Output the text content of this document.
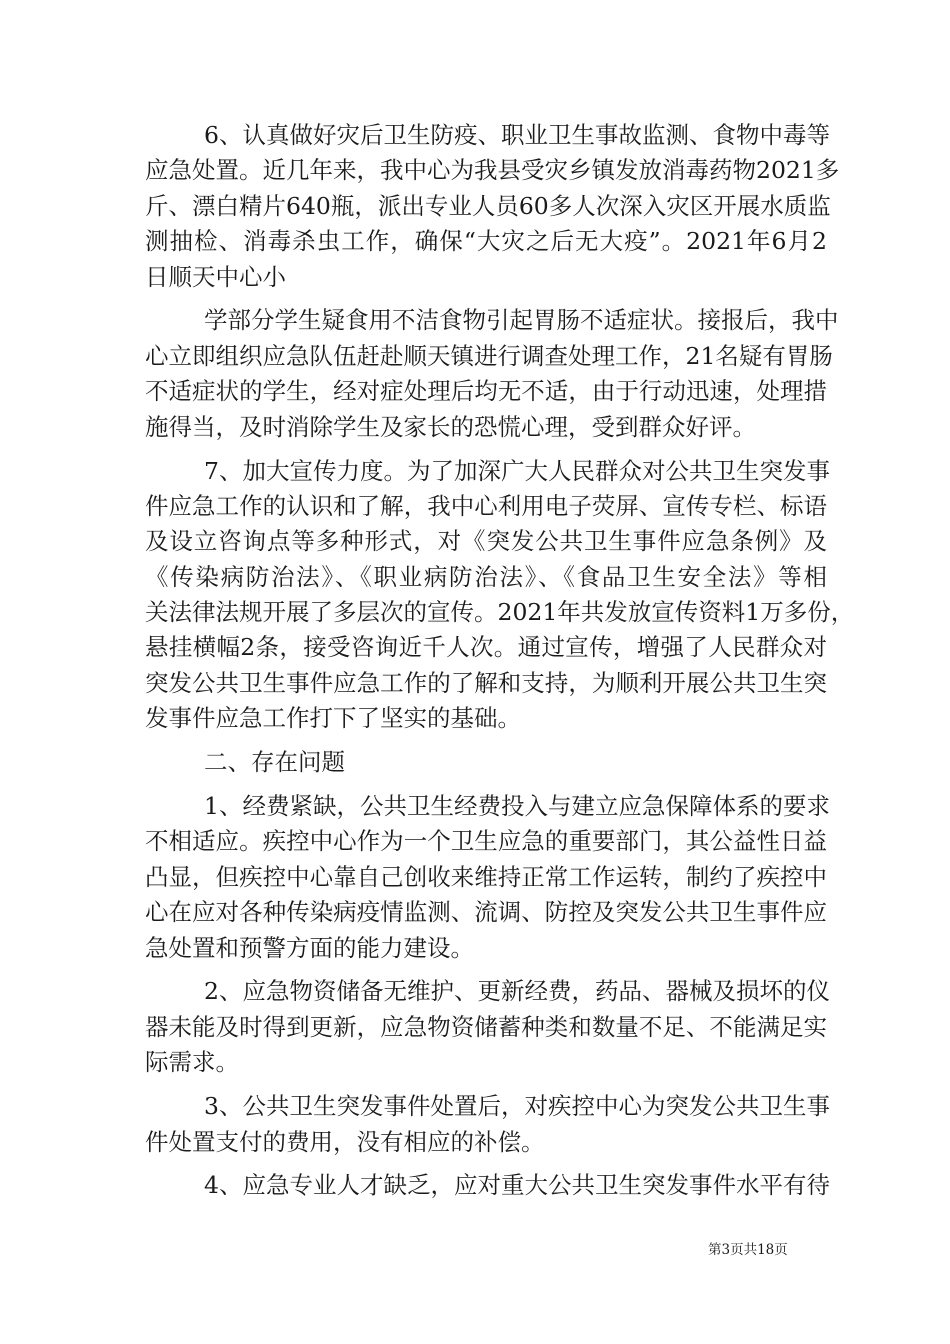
6、认真做好灾后卫生防疫、职业卫生事故监测、食物中毒等
应急处置。近几年来，我中心为我县受灾乡镇发放消毒药物2021多
斤、漂白精片640瓶，派出专业人员60多人次深入灾区开展水质监
测抽检、消毒杀虫工作，确保“大灾之后无大疫”。2021年6月2
日顺天中心小
学部分学生疑食用不洁食物引起胃肠不适症状。接报后，我中
心立即组织应急队伍赶赴顺天镇进行调查处理工作，21名疑有胃肠
不适症状的学生，经对症处理后均无不适，由于行动迅速，处理措
施得当，及时消除学生及家长的恐慌心理，受到群众好评。
7、加大宣传力度。为了加深广大人民群众对公共卫生突发事
件应急工作的认识和了解，我中心利用电子荧屏、宣传专栏、标语
及设立咨询点等多种形式，对《突发公共卫生事件应急条例》及
《传染病防治法》、《职业病防治法》、《食品卫生安全法》等相
关法律法规开展了多层次的宣传。2021年共发放宣传资料1万多份，
悬挂横幅2条，接受咨询近千人次。通过宣传，增强了人民群众对
突发公共卫生事件应急工作的了解和支持，为顺利开展公共卫生突
发事件应急工作打下了坚实的基础。
二、存在问题
1、经费紧缺，公共卫生经费投入与建立应急保障体系的要求
不相适应。疾控中心作为一个卫生应急的重要部门，其公益性日益
凸显，但疾控中心靠自己创收来维持正常工作运转，制约了疾控中
心在应对各种传染病疫情监测、流调、防控及突发公共卫生事件应
急处置和预警方面的能力建设。
2、应急物资储备无维护、更新经费，药品、器械及损坏的仪
器未能及时得到更新，应急物资储蓄种类和数量不足、不能满足实
际需求。
3、公共卫生突发事件处置后，对疾控中心为突发公共卫生事
件处置支付的费用，没有相应的补偿。
4、应急专业人才缺乏，应对重大公共卫生突发事件水平有待
第3页共18页
